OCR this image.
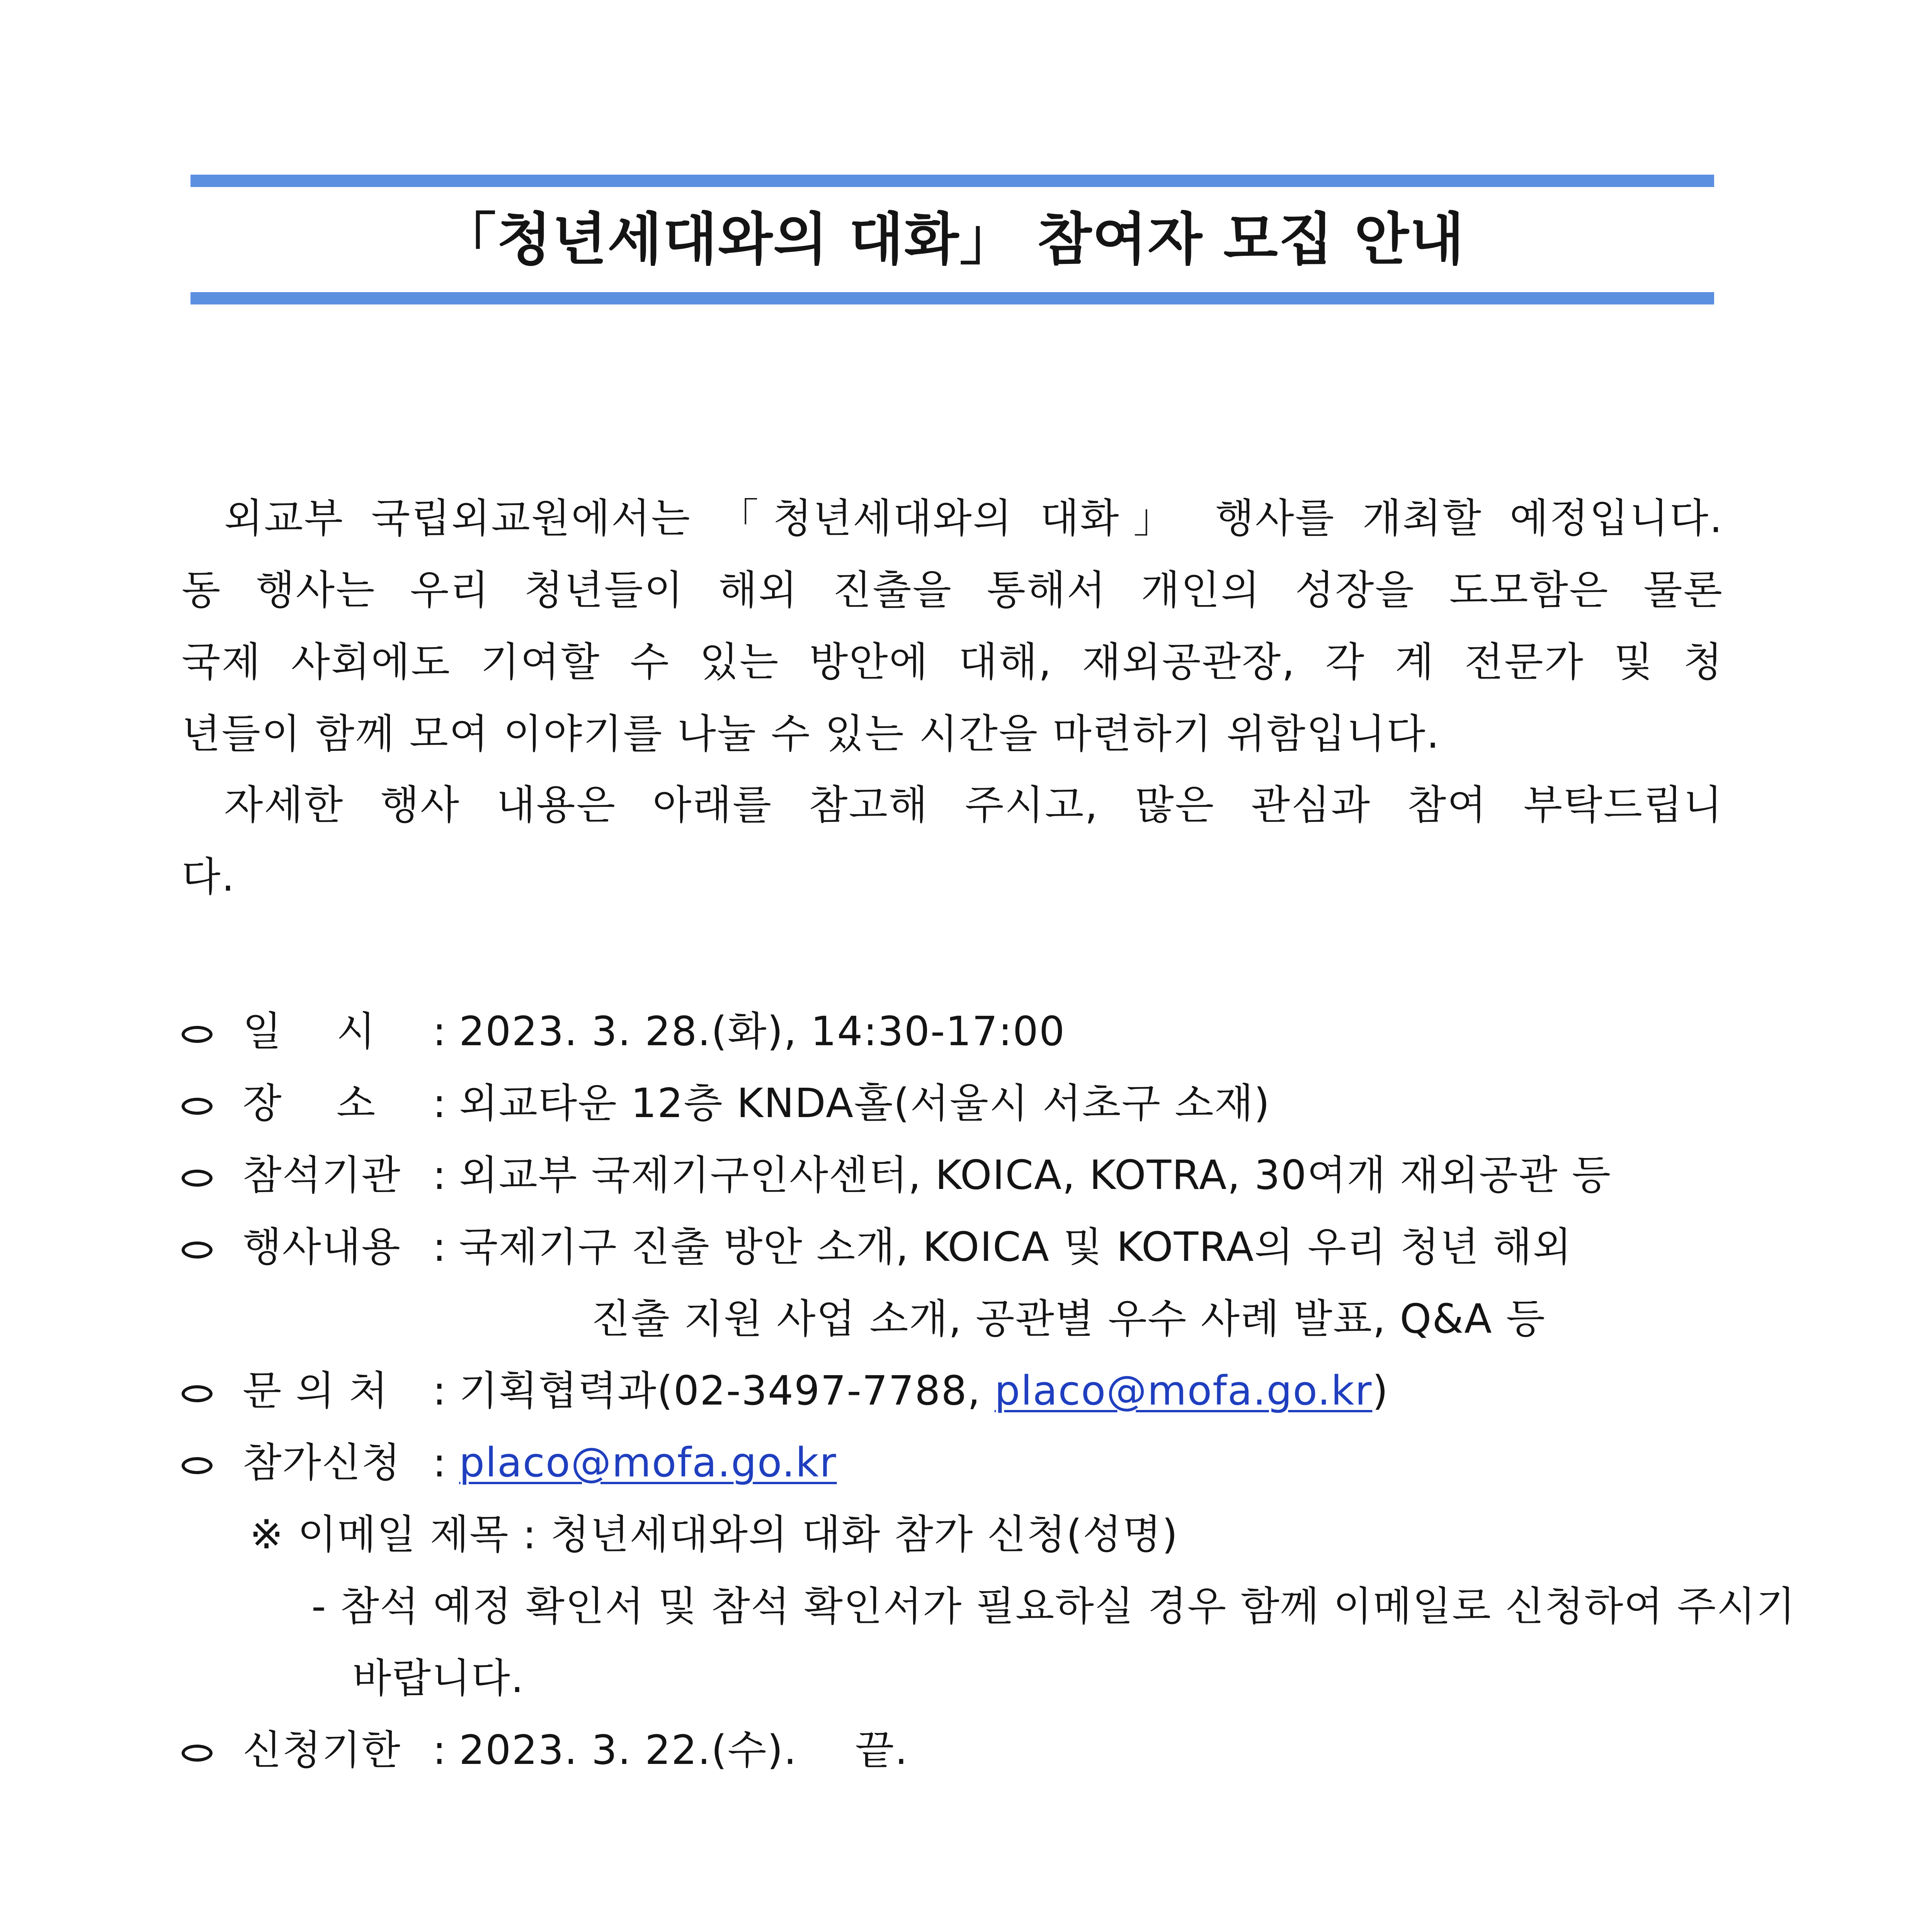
「청년세대와의 대화」 참여자 모집 안내
외교부 국립외교원에서는 「청년세대와의 대화」 행사를 개최할 예정입니다.
동 행사는 우리 청년들이 해외 진출을 통해서 개인의 성장을 도모함은 물론
국제 사회에도 기여할 수 있는 방안에 대해, 재외공관장, 각 계 전문가 및 청
년들이 함께 모여 이야기를 나눌 수 있는 시간을 마련하기 위함입니다.
자세한 행사 내용은 아래를 참고해 주시고, 많은 관심과 참여 부탁드립니
다.
일    시 : 2023. 3. 28.(화), 14:30-17:00
장    소 : 외교타운 12층 KNDA홀(서울시 서초구 소재)
참석기관 : 외교부 국제기구인사센터, KOICA, KOTRA, 30여개 재외공관 등
행사내용 : 국제기구 진출 방안 소개, KOICA 및 KOTRA의 우리 청년 해외
진출 지원 사업 소개, 공관별 우수 사례 발표, Q&A 등
문 의 처 : 기획협력과(02-3497-7788, placo@mofa.go.kr)
참가신청 : placo@mofa.go.kr
※ 이메일 제목 : 청년세대와의 대화 참가 신청(성명)
- 참석 예정 확인서 및 참석 확인서가 필요하실 경우 함께 이메일로 신청하여 주시기
바랍니다.
신청기한 : 2023. 3. 22.(수). 끝.
